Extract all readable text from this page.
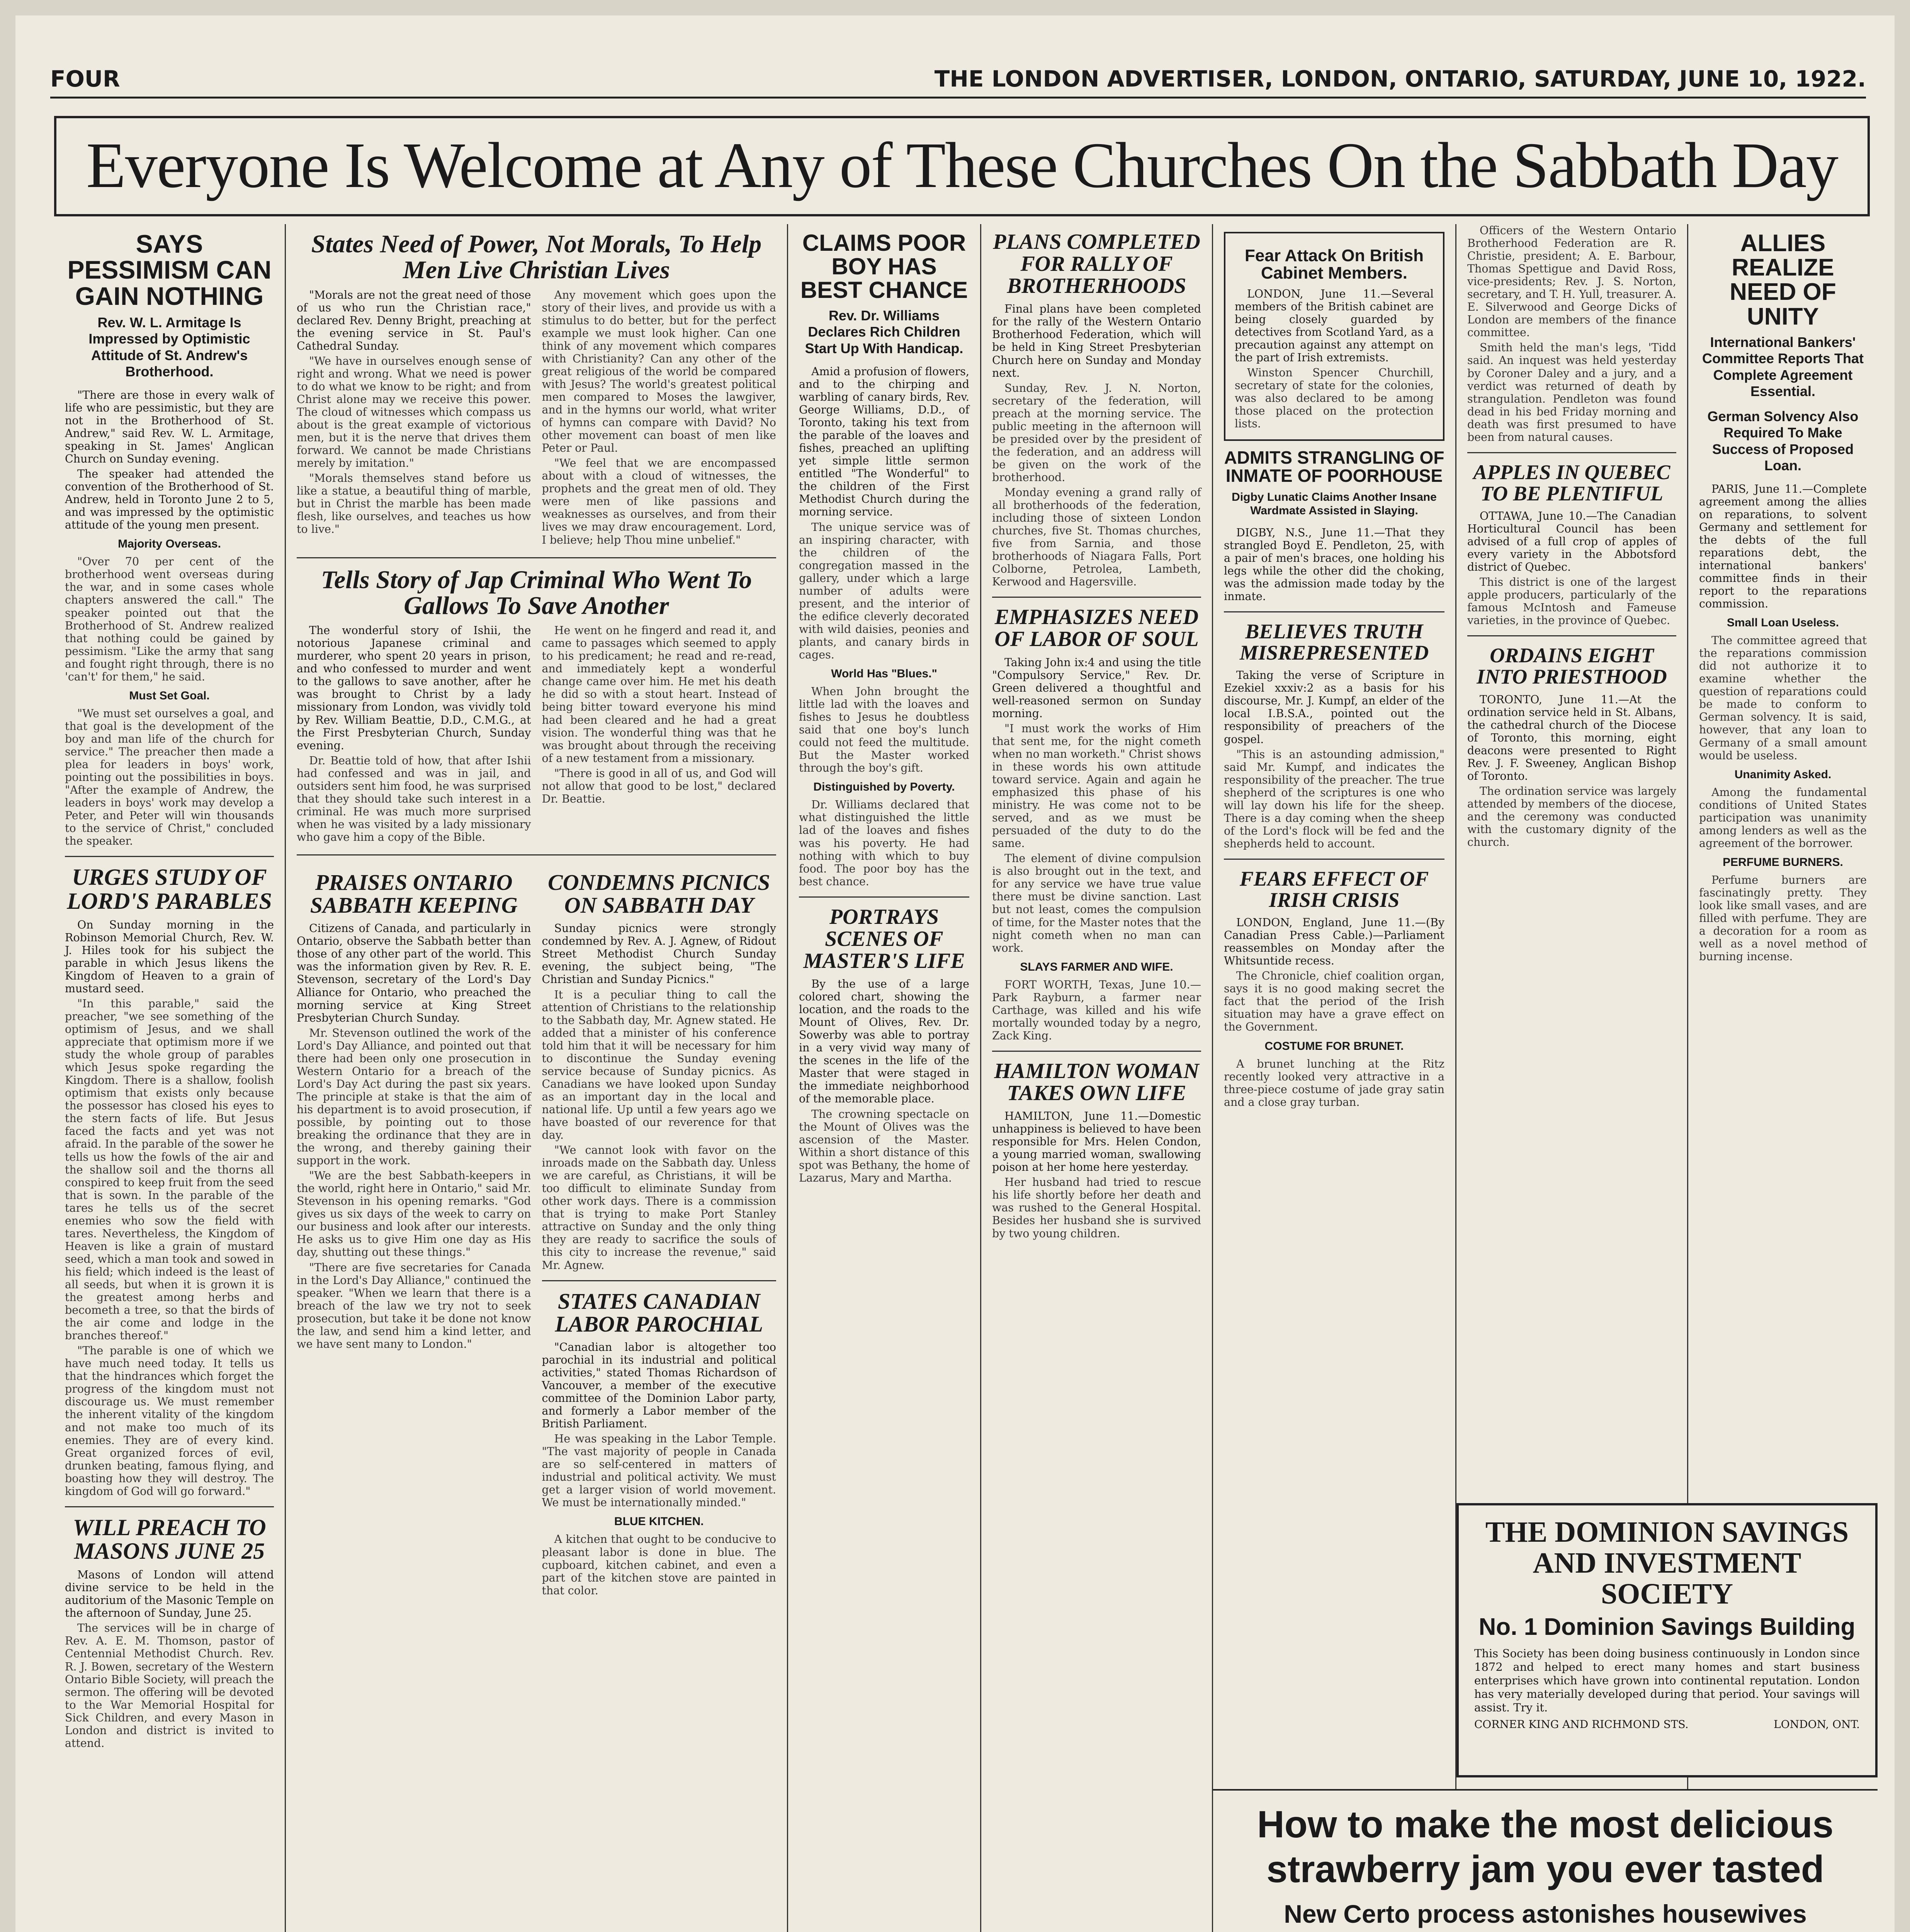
FOUR	THE LONDON ADVERTISER, LONDON, ONTARIO, SATURDAY, JUNE 10, 1922.
Everyone Is Welcome at Any of These Churches On the Sabbath Day
SAYS PESSIMISM CAN GAIN NOTHING
Rev. W. L. Armitage Is Impressed by Optimistic Attitude of St. Andrew's Brotherhood.

"There are those in every walk of life who are pessimistic, but they are not in the Brotherhood of St. Andrew," said Rev. W. L. Armitage, speaking in St. James' Anglican Church on Sunday evening.

The speaker had attended the convention of the Brotherhood of St. Andrew, held in Toronto June 2 to 5, and was impressed by the optimistic attitude of the young men present.

Majority Overseas.

"Over 70 per cent of the brotherhood went overseas during the war, and in some cases whole chapters answered the call." The speaker pointed out that the Brotherhood of St. Andrew realized that nothing could be gained by pessimism. "Like the army that sang and fought right through, there is no 'can't' for them," he said.

Must Set Goal.

"We must set ourselves a goal, and that goal is the development of the boy and man life of the church for service." The preacher then made a plea for leaders in boys' work, pointing out the possibilities in boys. "After the example of Andrew, the leaders in boys' work may develop a Peter, and Peter will win thousands to the service of Christ," concluded the speaker.

URGES STUDY OF LORD'S PARABLES

On Sunday morning in the Robinson Memorial Church, Rev. W. J. Hiles took for his subject the parable in which Jesus likens the Kingdom of Heaven to a grain of mustard seed.

"In this parable," said the preacher, "we see something of the optimism of Jesus, and we shall appreciate that optimism more if we study the whole group of parables which Jesus spoke regarding the Kingdom. There is a shallow, foolish optimism that exists only because the possessor has closed his eyes to the stern facts of life. But Jesus faced the facts and yet was not afraid. In the parable of the sower he tells us how the fowls of the air and the shallow soil and the thorns all conspired to keep fruit from the seed that is sown. In the parable of the tares he tells us of the secret enemies who sow the field with tares. Nevertheless, the Kingdom of Heaven is like a grain of mustard seed, which a man took and sowed in his field; which indeed is the least of all seeds, but when it is grown it is the greatest among herbs and becometh a tree, so that the birds of the air come and lodge in the branches thereof."

"The parable is one of which we have much need today. It tells us that the hindrances which forget the progress of the kingdom must not discourage us. We must remember the inherent vitality of the kingdom and not make too much of its enemies. They are of every kind. Great organized forces of evil, drunken beating, famous flying, and boasting how they will destroy. The kingdom of God will go forward."

WILL PREACH TO MASONS JUNE 25

Masons of London will attend divine service to be held in the auditorium of the Masonic Temple on the afternoon of Sunday, June 25.

The services will be in charge of Rev. A. E. M. Thomson, pastor of Centennial Methodist Church. Rev. R. J. Bowen, secretary of the Western Ontario Bible Society, will preach the sermon. The offering will be devoted to the War Memorial Hospital for Sick Children, and every Mason in London and district is invited to attend.

States Need of Power, Not Morals, To Help Men Live Christian Lives

"Morals are not the great need of those of us who run the Christian race," declared Rev. Denny Bright, preaching at the evening service in St. Paul's Cathedral Sunday.

"We have in ourselves enough sense of right and wrong. What we need is power to do what we know to be right; and from Christ alone may we receive this power. The cloud of witnesses which compass us about is the great example of victorious men, but it is the nerve that drives them forward. We cannot be made Christians merely by imitation."

"Morals themselves stand before us like a statue, a beautiful thing of marble, but in Christ the marble has been made flesh, like ourselves, and teaches us how to live."

Any movement which goes upon the story of their lives, and provide us with a stimulus to do better, but for the perfect example we must look higher. Can one think of any movement which compares with Christianity? Can any other of the great religious of the world be compared with Jesus? The world's greatest political men compared to Moses the lawgiver, and in the hymns our world, what writer of hymns can compare with David? No other movement can boast of men like Peter or Paul.

"We feel that we are encompassed about with a cloud of witnesses, the prophets and the great men of old. They were men of like passions and weaknesses as ourselves, and from their lives we may draw encouragement. Lord, I believe; help Thou mine unbelief."

Tells Story of Jap Criminal Who Went To Gallows To Save Another

The wonderful story of Ishii, the notorious Japanese criminal and murderer, who spent 20 years in prison, and who confessed to murder and went to the gallows to save another, after he was brought to Christ by a lady missionary from London, was vividly told by Rev. William Beattie, D.D., C.M.G., at the First Presbyterian Church, Sunday evening.

Dr. Beattie told of how, that after Ishii had confessed and was in jail, and outsiders sent him food, he was surprised that they should take such interest in a criminal. He was much more surprised when he was visited by a lady missionary who gave him a copy of the Bible.

He went on he fingerd and read it, and came to passages which seemed to apply to his predicament; he read and re-read, and immediately kept a wonderful change came over him. He met his death he did so with a stout heart. Instead of being bitter toward everyone his mind had been cleared and he had a great vision. The wonderful thing was that he was brought about through the receiving of a new testament from a missionary.

"There is good in all of us, and God will not allow that good to be lost," declared Dr. Beattie.

PRAISES ONTARIO SABBATH KEEPING

Citizens of Canada, and particularly in Ontario, observe the Sabbath better than those of any other part of the world. This was the information given by Rev. R. E. Stevenson, secretary of the Lord's Day Alliance for Ontario, who preached the morning service at King Street Presbyterian Church Sunday.

Mr. Stevenson outlined the work of the Lord's Day Alliance, and pointed out that there had been only one prosecution in Western Ontario for a breach of the Lord's Day Act during the past six years. The principle at stake is that the aim of his department is to avoid prosecution, if possible, by pointing out to those breaking the ordinance that they are in the wrong, and thereby gaining their support in the work.

"We are the best Sabbath-keepers in the world, right here in Ontario," said Mr. Stevenson in his opening remarks. "God gives us six days of the week to carry on our business and look after our interests. He asks us to give Him one day as His day, shutting out these things."

"There are five secretaries for Canada in the Lord's Day Alliance," continued the speaker. "When we learn that there is a breach of the law we try not to seek prosecution, but take it be done not know the law, and send him a kind letter, and we have sent many to London."

CONDEMNS PICNICS ON SABBATH DAY

Sunday picnics were strongly condemned by Rev. A. J. Agnew, of Ridout Street Methodist Church Sunday evening, the subject being, "The Christian and Sunday Picnics."

It is a peculiar thing to call the attention of Christians to the relationship to the Sabbath day, Mr. Agnew stated. He added that a minister of his conference told him that it will be necessary for him to discontinue the Sunday evening service because of Sunday picnics. As Canadians we have looked upon Sunday as an important day in the local and national life. Up until a few years ago we have boasted of our reverence for that day.

"We cannot look with favor on the inroads made on the Sabbath day. Unless we are careful, as Christians, it will be too difficult to eliminate Sunday from other work days. There is a commission that is trying to make Port Stanley attractive on Sunday and the only thing they are ready to sacrifice the souls of this city to increase the revenue," said Mr. Agnew.

STATES CANADIAN LABOR PAROCHIAL

"Canadian labor is altogether too parochial in its industrial and political activities," stated Thomas Richardson of Vancouver, a member of the executive committee of the Dominion Labor party, and formerly a Labor member of the British Parliament.

He was speaking in the Labor Temple. "The vast majority of people in Canada are so self-centered in matters of industrial and political activity. We must get a larger vision of world movement. We must be internationally minded."

BLUE KITCHEN.

A kitchen that ought to be conducive to pleasant labor is done in blue. The cupboard, kitchen cabinet, and even a part of the kitchen stove are painted in that color.

CLAIMS POOR BOY HAS BEST CHANCE
Rev. Dr. Williams Declares Rich Children Start Up With Handicap.

Amid a profusion of flowers, and to the chirping and warbling of canary birds, Rev. George Williams, D.D., of Toronto, taking his text from the parable of the loaves and fishes, preached an uplifting yet simple little sermon entitled "The Wonderful" to the children of the First Methodist Church during the morning service.

The unique service was of an inspiring character, with the children of the congregation massed in the gallery, under which a large number of adults were present, and the interior of the edifice cleverly decorated with wild daisies, peonies and plants, and canary birds in cages.

World Has "Blues."

When John brought the little lad with the loaves and fishes to Jesus he doubtless said that one boy's lunch could not feed the multitude. But the Master worked through the boy's gift.

Distinguished by Poverty.

Dr. Williams declared that what distinguished the little lad of the loaves and fishes was his poverty. He had nothing with which to buy food. The poor boy has the best chance.

PORTRAYS SCENES OF MASTER'S LIFE

By the use of a large colored chart, showing the location, and the roads to the Mount of Olives, Rev. Dr. Sowerby was able to portray in a very vivid way many of the scenes in the life of the Master that were staged in the immediate neighborhood of the memorable place.

The crowning spectacle on the Mount of Olives was the ascension of the Master. Within a short distance of this spot was Bethany, the home of Lazarus, Mary and Martha.

PLANS COMPLETED FOR RALLY OF BROTHERHOODS

Final plans have been completed for the rally of the Western Ontario Brotherhood Federation, which will be held in King Street Presbyterian Church here on Sunday and Monday next.

Sunday, Rev. J. N. Norton, secretary of the federation, will preach at the morning service. The public meeting in the afternoon will be presided over by the president of the federation, and an address will be given on the work of the brotherhood.

Monday evening a grand rally of all brotherhoods of the federation, including those of sixteen London churches, five St. Thomas churches, five from Sarnia, and those brotherhoods of Niagara Falls, Port Colborne, Petrolea, Lambeth, Kerwood and Hagersville.

EMPHASIZES NEED OF LABOR OF SOUL

Taking John ix:4 and using the title "Compulsory Service," Rev. Dr. Green delivered a thoughtful and well-reasoned sermon on Sunday morning.

"I must work the works of Him that sent me, for the night cometh when no man worketh." Christ shows in these words his own attitude toward service. Again and again he emphasized this phase of his ministry. He was come not to be served, and as we must be persuaded of the duty to do the same.

The element of divine compulsion is also brought out in the text, and for any service we have true value there must be divine sanction. Last but not least, comes the compulsion of time, for the Master notes that the night cometh when no man can work.

SLAYS FARMER AND WIFE.

FORT WORTH, Texas, June 10.—Park Rayburn, a farmer near Carthage, was killed and his wife mortally wounded today by a negro, Zack King.

HAMILTON WOMAN TAKES OWN LIFE

HAMILTON, June 11.—Domestic unhappiness is believed to have been responsible for Mrs. Helen Condon, a young married woman, swallowing poison at her home here yesterday.

Her husband had tried to rescue his life shortly before her death and was rushed to the General Hospital. Besides her husband she is survived by two young children.

Fear Attack On British Cabinet Members.

LONDON, June 11.—Several members of the British cabinet are being closely guarded by detectives from Scotland Yard, as a precaution against any attempt on the part of Irish extremists.

Winston Spencer Churchill, secretary of state for the colonies, was also declared to be among those placed on the protection lists.

ADMITS STRANGLING OF INMATE OF POORHOUSE
Digby Lunatic Claims Another Insane Wardmate Assisted in Slaying.

DIGBY, N.S., June 11.—That they strangled Boyd E. Pendleton, 25, with a pair of men's braces, one holding his legs while the other did the choking, was the admission made today by the inmate.

BELIEVES TRUTH MISREPRESENTED

Taking the verse of Scripture in Ezekiel xxxiv:2 as a basis for his discourse, Mr. J. Kumpf, an elder of the local I.B.S.A., pointed out the responsibility of preachers of the gospel.

"This is an astounding admission," said Mr. Kumpf, and indicates the responsibility of the preacher. The true shepherd of the scriptures is one who will lay down his life for the sheep. There is a day coming when the sheep of the Lord's flock will be fed and the shepherds held to account.

FEARS EFFECT OF IRISH CRISIS

LONDON, England, June 11.—(By Canadian Press Cable.)—Parliament reassembles on Monday after the Whitsuntide recess.

The Chronicle, chief coalition organ, says it is no good making secret the fact that the period of the Irish situation may have a grave effect on the Government.

COSTUME FOR BRUNET.

A brunet lunching at the Ritz recently looked very attractive in a three-piece costume of jade gray satin and a close gray turban.

Officers of the Western Ontario Brotherhood Federation are R. Christie, president; A. E. Barbour, Thomas Spettigue and David Ross, vice-presidents; Rev. J. S. Norton, secretary, and T. H. Yull, treasurer. A. E. Silverwood and George Dicks of London are members of the finance committee.

Smith held the man's legs, 'Tidd said. An inquest was held yesterday by Coroner Daley and a jury, and a verdict was returned of death by strangulation. Pendleton was found dead in his bed Friday morning and death was first presumed to have been from natural causes.

APPLES IN QUEBEC TO BE PLENTIFUL

OTTAWA, June 10.—The Canadian Horticultural Council has been advised of a full crop of apples of every variety in the Abbotsford district of Quebec.

This district is one of the largest apple producers, particularly of the famous McIntosh and Fameuse varieties, in the province of Quebec.

ORDAINS EIGHT INTO PRIESTHOOD

TORONTO, June 11.—At the ordination service held in St. Albans, the cathedral church of the Diocese of Toronto, this morning, eight deacons were presented to Right Rev. J. F. Sweeney, Anglican Bishop of Toronto.

The ordination service was largely attended by members of the diocese, and the ceremony was conducted with the customary dignity of the church.

ALLIES REALIZE NEED OF UNITY
International Bankers' Committee Reports That Complete Agreement Essential.
German Solvency Also Required To Make Success of Proposed Loan.

PARIS, June 11.—Complete agreement among the allies on reparations, to solvent Germany and settlement for the debts of the full reparations debt, the international bankers' committee finds in their report to the reparations commission.

Small Loan Useless.

The committee agreed that the reparations commission did not authorize it to examine whether the question of reparations could be made to conform to German solvency. It is said, however, that any loan to Germany of a small amount would be useless.

Unanimity Asked.

Among the fundamental conditions of United States participation was unanimity among lenders as well as the agreement of the borrower.

PERFUME BURNERS.

Perfume burners are fascinatingly pretty. They look like small vases, and are filled with perfume. They are a decoration for a room as well as a novel method of burning incense.

THE DOMINION SAVINGS
AND INVESTMENT SOCIETY
No. 1 Dominion Savings Building

This Society has been doing business continuously in London since 1872 and helped to erect many homes and start business enterprises which have grown into continental reputation. London has very materially developed during that period. Your savings will assist. Try it.

CORNER KING AND RICHMOND STS.	LONDON, ONT.
How to make the most delicious
strawberry jam you ever tasted
New Certo process astonishes housewives
